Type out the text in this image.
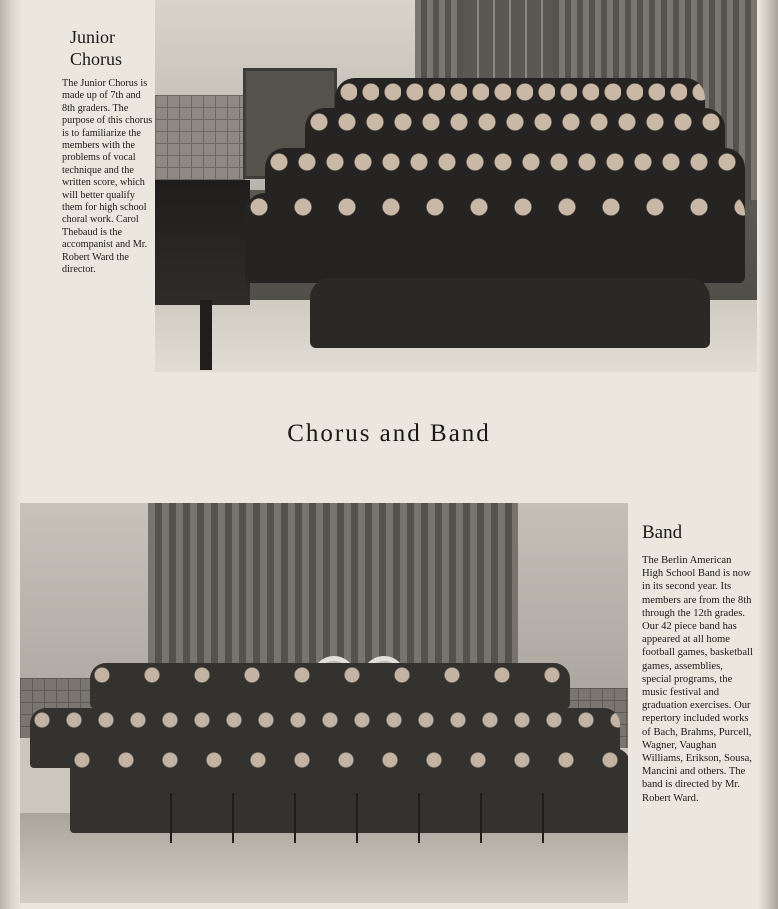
Junior
Chorus

The Junior Chorus is made up of 7th and 8th graders. The purpose of this chorus is to familiarize the members with the problems of vocal technique and the written score, which will better qualify them for high school choral work. Carol Thebaud is the accompanist and Mr. Robert Ward the director.

Chorus and Band
Band

The Berlin American High School Band is now in its second year. Its members are from the 8th through the 12th grades. Our 42 piece band has appeared at all home football games, basketball games, assemblies, special programs, the music festival and graduation exercises. Our repertory included works of Bach, Brahms, Purcell, Wagner, Vaughan Williams, Erikson, Sousa, Mancini and others. The band is directed by Mr. Robert Ward.
